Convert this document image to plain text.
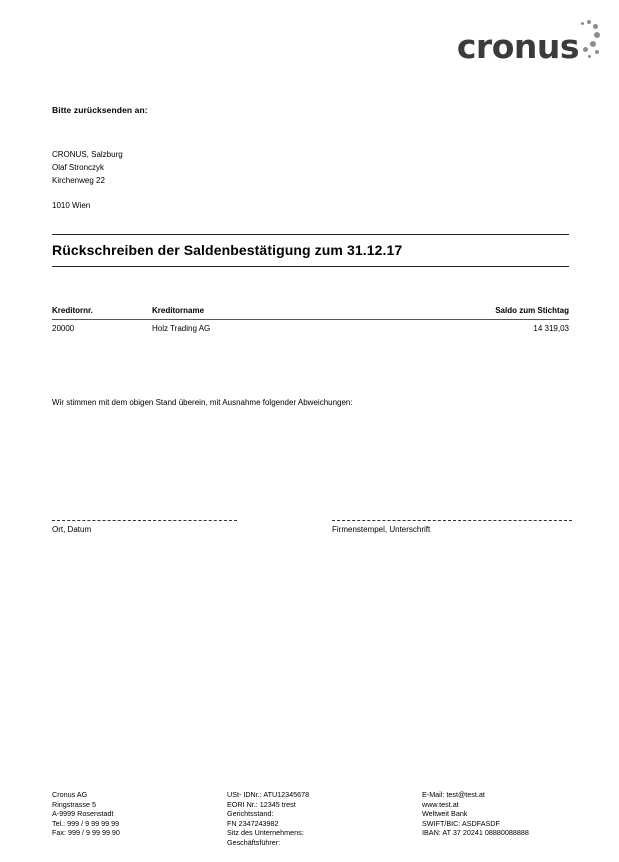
cronus
Bitte zurücksenden an:
CRONUS, Salzburg
Olaf Stronczyk
Kirchenweg 22
1010 Wien
Rückschreiben der Saldenbestätigung zum 31.12.17
Kreditornr.	Kreditorname	Saldo zum Stichtag
20000	Holz Trading AG	14 319,03
Wir stimmen mit dem obigen Stand überein, mit Ausnahme folgender Abweichungen:
Ort, Datum	Firmenstempel, Unterschrift
Cronus AG
Ringstrasse 5
A-9999 Rosenstadt
Tel.: 999 / 9 99 99 99
Fax: 999 / 9 99 99 90
USt- IDNr.: ATU12345678
EORI Nr.: 12345 trest
Gerichtsstand:
FN 2347243982
Sitz des Unternehmens:
Geschäftsführer:
E-Mail: test@test.at
www.test.at
Weltweit Bank
SWIFT/BIC: ASDFASDF
IBAN: AT 37 20241 08880088888
